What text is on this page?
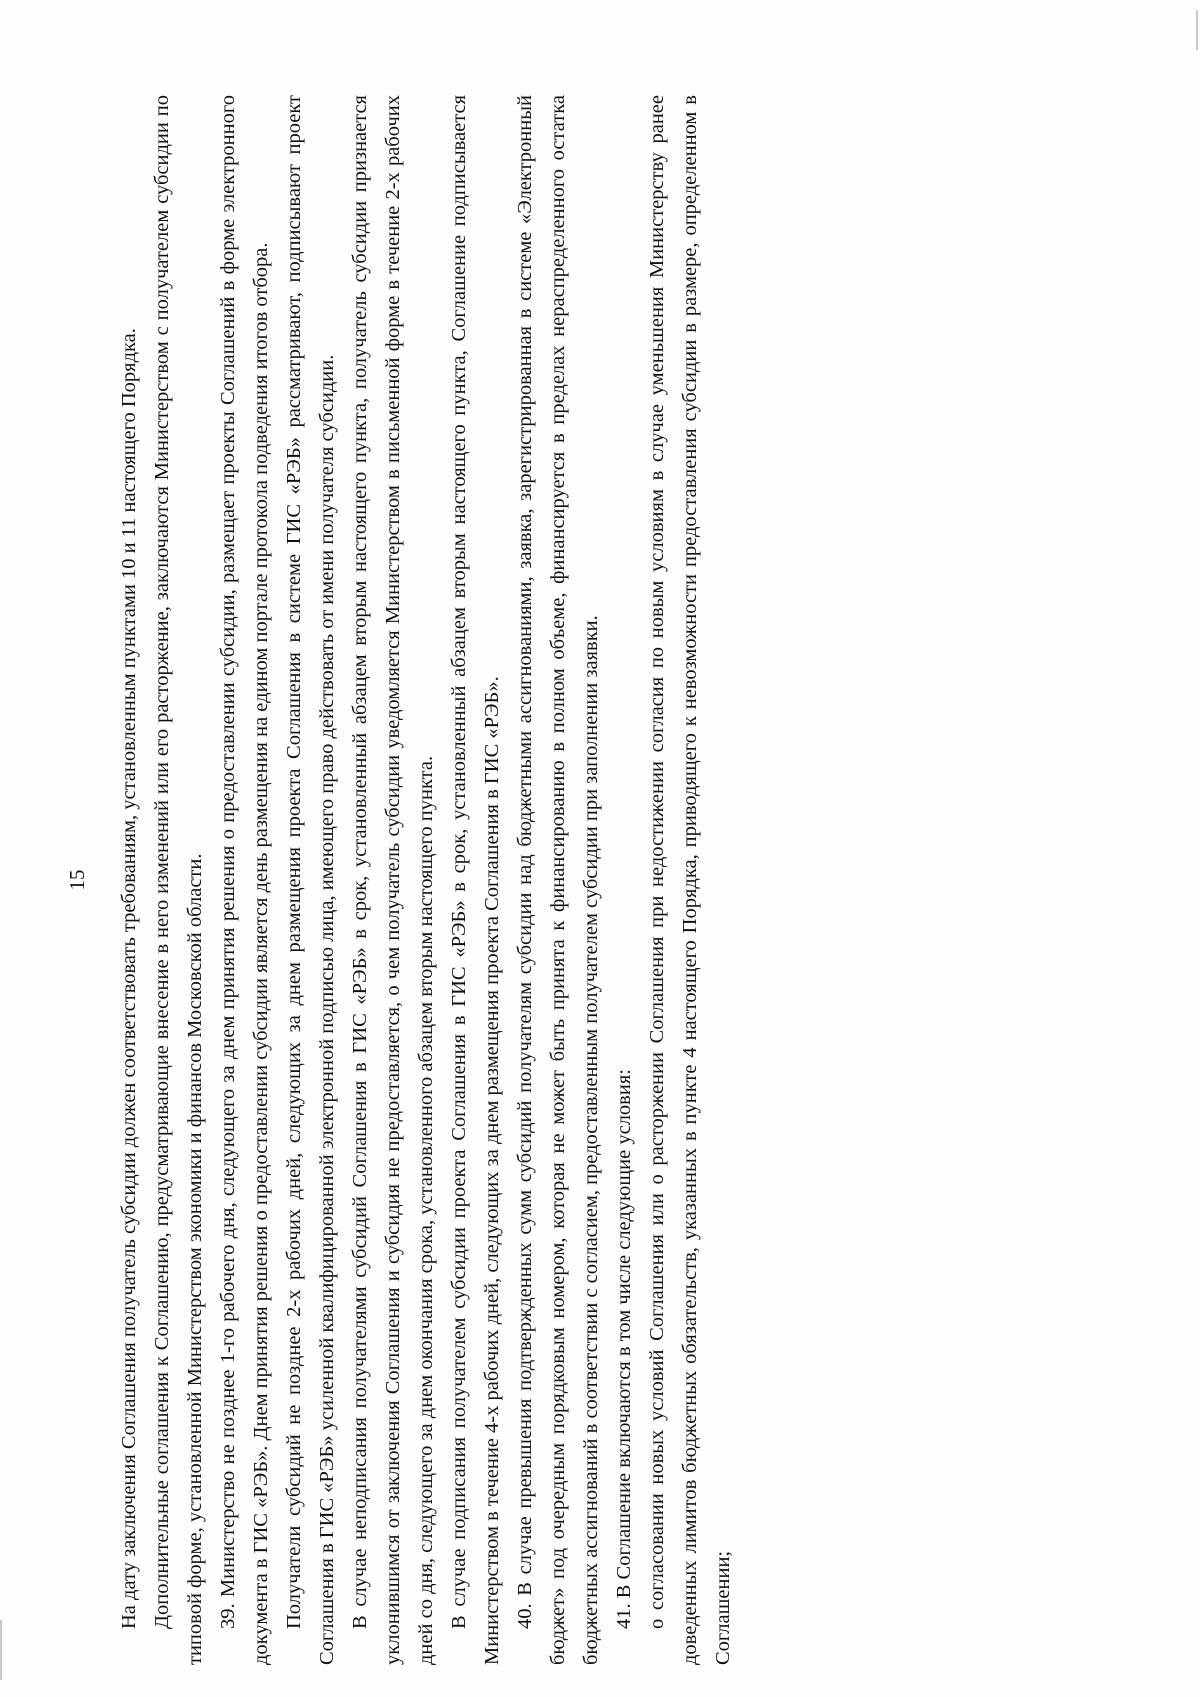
15 На дату заключения Соглашения получатель субсидии должен соответствовать требованиям, установленным пунктами 10 и 11 настоящего Порядка. Дополнительные соглашения к Соглашению, предусматривающие внесение в него изменений или его расторжение, заключаются Министерством с получателем субсидии по типовой форме, установленной Министерством экономики и финансов Московской области. 39. Министерство не позднее 1-го рабочего дня, следующего за днем принятия решения о предоставлении субсидии, размещает проекты Соглашений в форме электронного документа в ГИС «РЭБ». Днем принятия решения о предоставлении субсидии является день размещения на едином портале протокола подведения итогов отбора. Получатели субсидий не позднее 2-х рабочих дней, следующих за днем размещения проекта Соглашения в системе ГИС «РЭБ» рассматривают, подписывают проект Соглашения в ГИС «РЭБ» усиленной квалифицированной электронной подписью лица, имеющего право действовать от имени получателя субсидии. В случае неподписания получателями субсидий Соглашения в ГИС «РЭБ» в срок, установленный абзацем вторым настоящего пункта, получатель субсидии признается уклонившимся от заключения Соглашения и субсидия не предоставляется, о чем получатель субсидии уведомляется Министерством в письменной форме в течение 2-х рабочих дней со дня, следующего за днем окончания срока, установленного абзацем вторым настоящего пункта. В случае подписания получателем субсидии проекта Соглашения в ГИС «РЭБ» в срок, установленный абзацем вторым настоящего пункта, Соглашение подписывается Министерством в течение 4-х рабочих дней, следующих за днем размещения проекта Соглашения в ГИС «РЭБ». 40. В случае превышения подтвержденных сумм субсидий получателям субсидии над бюджетными ассигнованиями, заявка, зарегистрированная в системе «Электронный бюджет» под очередным порядковым номером, которая не может быть принята к финансированию в полном объеме, финансируется в пределах нераспределенного остатка бюджетных ассигнований в соответствии с согласием, предоставленным получателем субсидии при заполнении заявки. 41. В Соглашение включаются в том числе следующие условия: о согласовании новых условий Соглашения или о расторжении Соглашения при недостижении согласия по новым условиям в случае уменьшения Министерству ранее доведенных лимитов бюджетных обязательств, указанных в пункте 4 настоящего Порядка, приводящего к невозможности предоставления субсидии в размере, определенном в Соглашении;
